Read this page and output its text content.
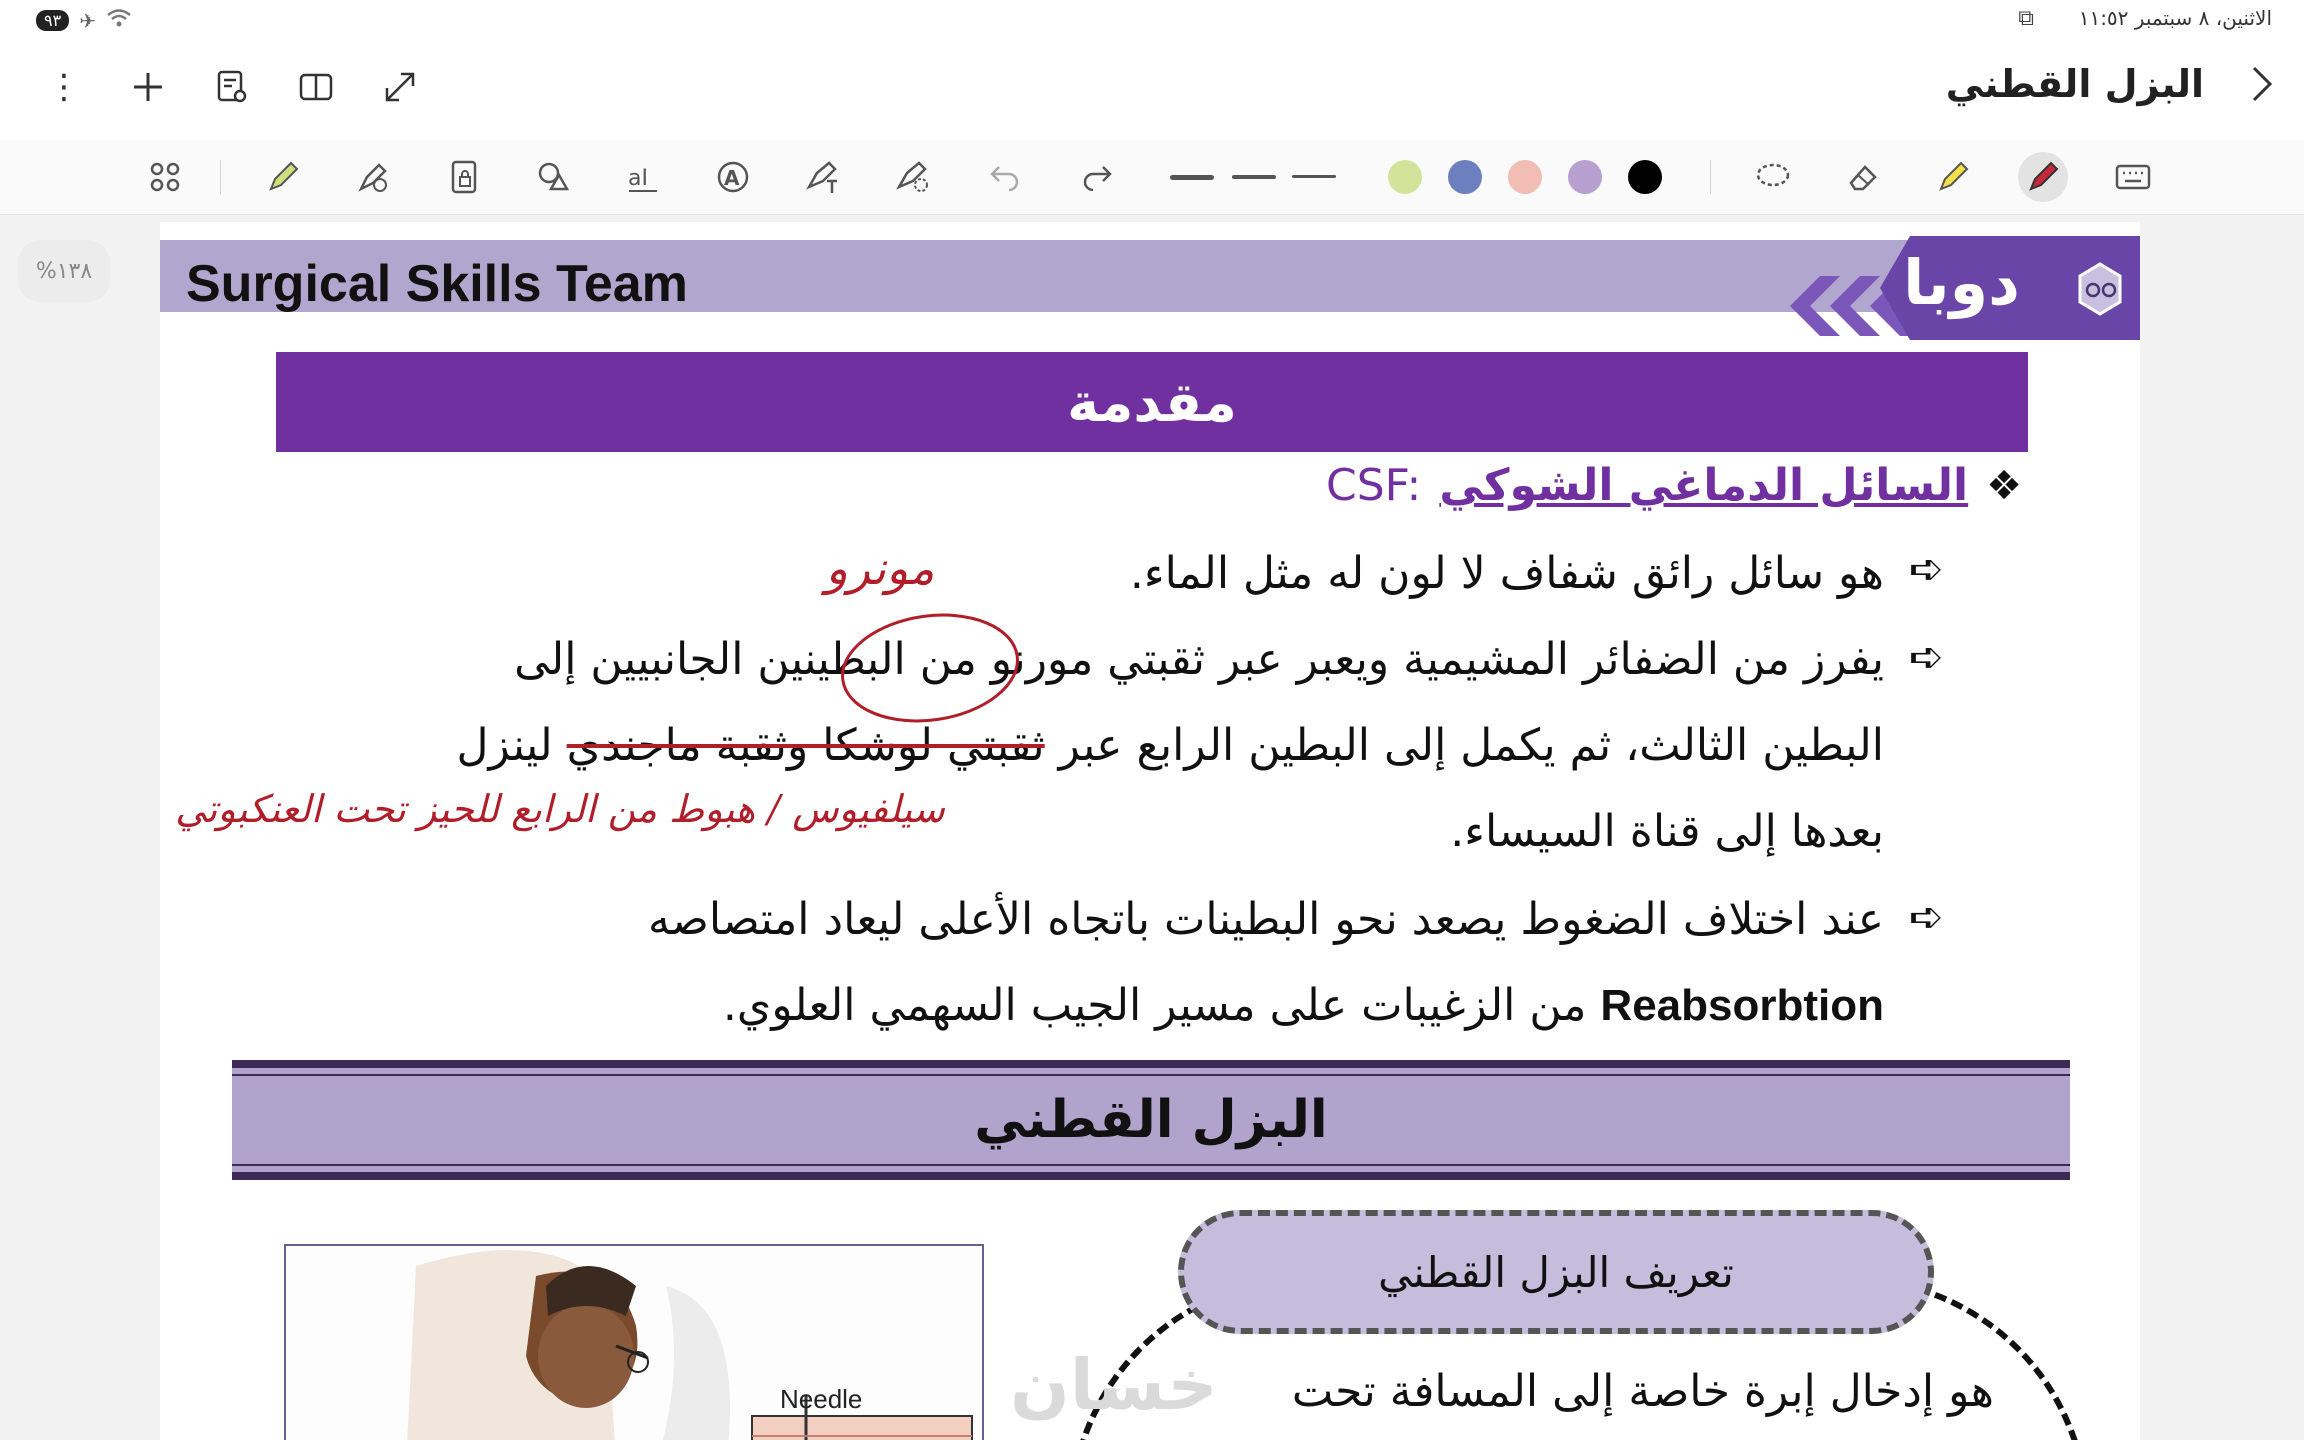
٩٣ ✈	⧉ الاثنين، ٨ سبتمبر ١١:٥٢
⋮	البزل القطني
aI	A
%١٣٨	Surgical Skills Team	دوبا
مقدمة
❖
السائل الدماغي الشوكي
CSF:
➪
هو سائل رائق شفاف لا لون له مثل الماء.
➪
يفرز من الضفائر المشيمية ويعبر عبر ثقبتي مورنو من البطينين الجانبيين إلى
البطين الثالث، ثم يكمل إلى البطين الرابع عبر ثقبتي لوشكا وثقبة ماجندي لينزل
بعدها إلى قناة السيساء.
➪
عند اختلاف الضغوط يصعد نحو البطينات باتجاه الأعلى ليعاد امتصاصه
Reabsorbtion من الزغيبات على مسير الجيب السهمي العلوي.
مونرو
سيلفيوس / هبوط من الرابع للحيز تحت العنكبوتي
البزل القطني
Needle
تعريف البزل القطني
خسان هو إدخال إبرة خاصة إلى المسافة تحت
